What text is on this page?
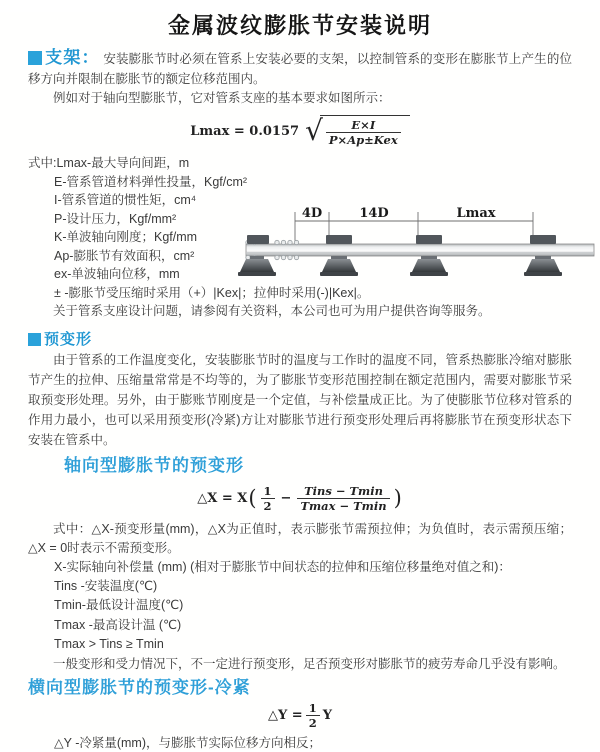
金属波纹膨胀节安装说明

支架： 安装膨胀节时必须在管系上安装必要的支架，以控制管系的变形在膨胀节上产生的位移方向并限制在膨胀节的额定位移范围内。

例如对于轴向型膨胀节，它对管系支座的基本要求如图所示：

Lmax = 0.0157 √ $\frac{E\times I}{\text{P×Ap±Kex}}$

式中:Lmax-最大导向间距，m

E-管系管道材料弹性投量，Kgf/cm²

I-管系管道的惯性矩，cm⁴

P-设计压力，Kgf/mm²

K-单波轴向刚度；Kgf/mm

Ap-膨胀节有效面积，cm²

ex-单波轴向位移，mm

± -膨胀节受压缩时采用（+）|Kex|；拉伸时采用(-)|Kex|。

关于管系支座设计问题，请参阅有关资料，本公司也可为用户提供咨询等服务。

预变形

由于管系的工作温度变化，安装膨胀节时的温度与工作时的温度不同，管系热膨胀冷缩对膨胀节产生的拉伸、压缩量常常是不均等的，为了膨胀节变形范围控制在额定范围内，需要对膨胀节采取预变形处理。另外，由于膨账节刚度是一个定值，与补偿量成正比。为了使膨胀节位移对管系的作用力最小，也可以采用预变形(冷紧)方让对膨胀节进行预变形处理后再将膨胀节在预变形状态下安装在管系中。

轴向型膨胀节的预变形
△X = X ( $\frac{1}{2} - \frac{\text{Tins − Tmin}}{Tmax - Tmin}$ )

式中：△X-预变形量(mm)，△X为正值时，表示膨张节需预拉伸；为负值时，表示需预压缩；△X = 0时表示不需预变形。

X-实际轴向补偿量 (mm) (相对于膨胀节中间状态的拉伸和压缩位移量绝对值之和)：

Tins -安装温度(℃)

Tmin-最低设计温度(℃)

Tmax -最高设计温 (℃)

Tmax > Tins ≥ Tmin

一般变形和受力情况下，不一定进行预变形，足否预变形对膨胀节的疲劳寿命几乎没有影响。

横向型膨胀节的预变形-冷紧
△Y = $\frac{1}{2}$ Y

△Y -冷紧量(mm)，与膨胀节实际位移方向相反；

4D	14D	Lmax
